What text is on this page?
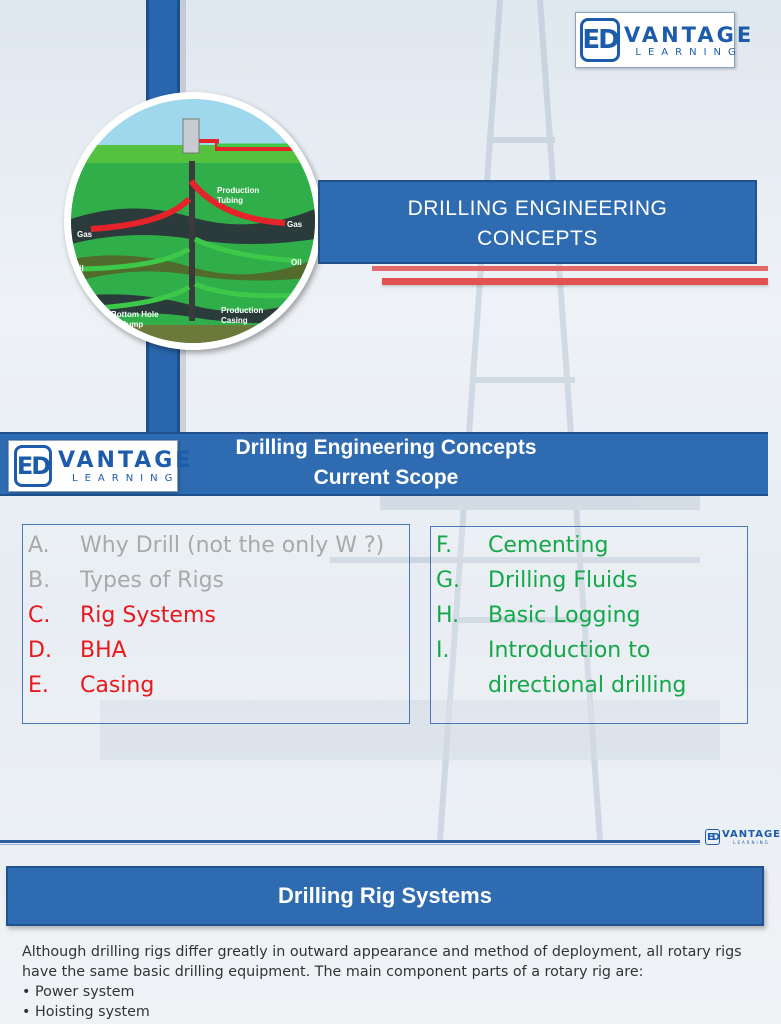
ED VANTAGE
LEARNING
Production
Tubing
Gas
Gas
Oil
Oil
Bottom Hole
Pump
Production
Casing
DRILLING ENGINEERING
CONCEPTS
ED VANTAGE
LEARNING
Drilling Engineering Concepts
Current Scope
A.	Why Drill (not the only W ?)
B.	Types of Rigs
C.	Rig Systems
D.	BHA
E.	Casing
F.	Cementing
G.	Drilling Fluids
H.	Basic Logging
I.	Introduction to
directional drilling
ED VANTAGE
LEARNING
Drilling Rig Systems

Although drilling rigs differ greatly in outward appearance and method of deployment, all rotary rigs

have the same basic drilling equipment. The main component parts of a rotary rig are:

• Power system
• Hoisting system
